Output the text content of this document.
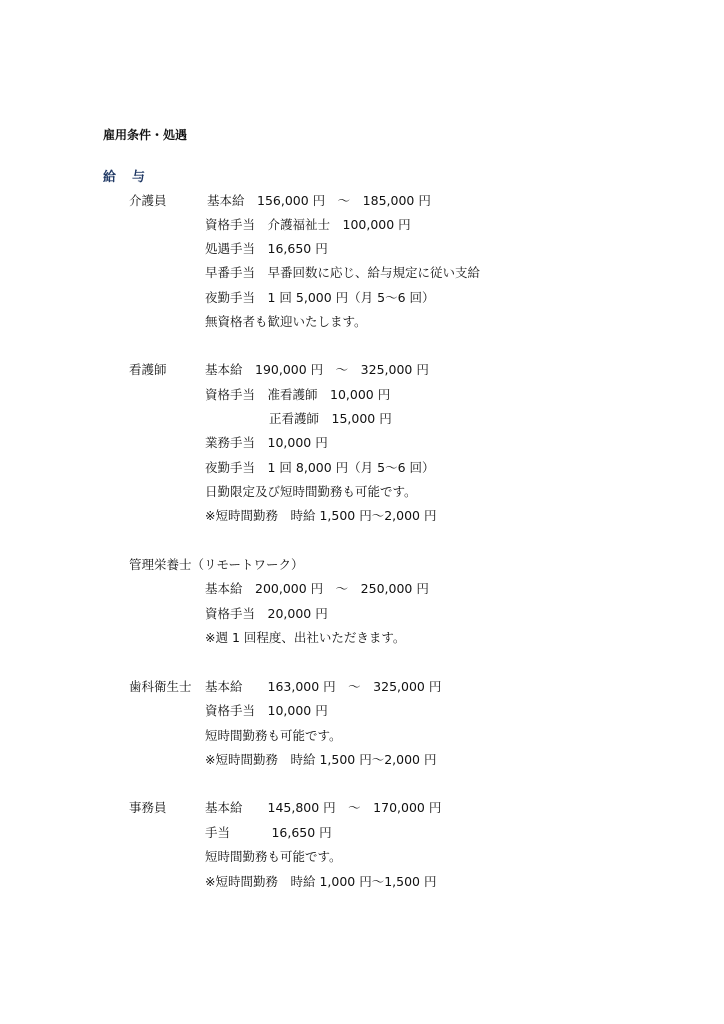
雇用条件・処遇
給与
介護員	基本給　156,000 円　～　185,000 円
資格手当　介護福祉士　100,000 円
処遇手当　16,650 円
早番手当　早番回数に応じ、給与規定に従い支給
夜勤手当　1 回 5,000 円（月 5～6 回）
無資格者も歓迎いたします。
看護師	基本給　190,000 円　～　325,000 円
資格手当　准看護師　10,000 円
正看護師　15,000 円
業務手当　10,000 円
夜勤手当　1 回 8,000 円（月 5～6 回）
日勤限定及び短時間勤務も可能です。
※短時間勤務　時給 1,500 円～2,000 円
管理栄養士（リモートワーク）
基本給　200,000 円　～　250,000 円
資格手当　20,000 円
※週 1 回程度、出社いただきます。
歯科衛生士 基本給　　163,000 円　～　325,000 円
資格手当　10,000 円
短時間勤務も可能です。
※短時間勤務　時給 1,500 円～2,000 円
事務員	基本給　　145,800 円　～　170,000 円
手当　　　 16,650 円
短時間勤務も可能です。
※短時間勤務　時給 1,000 円～1,500 円
